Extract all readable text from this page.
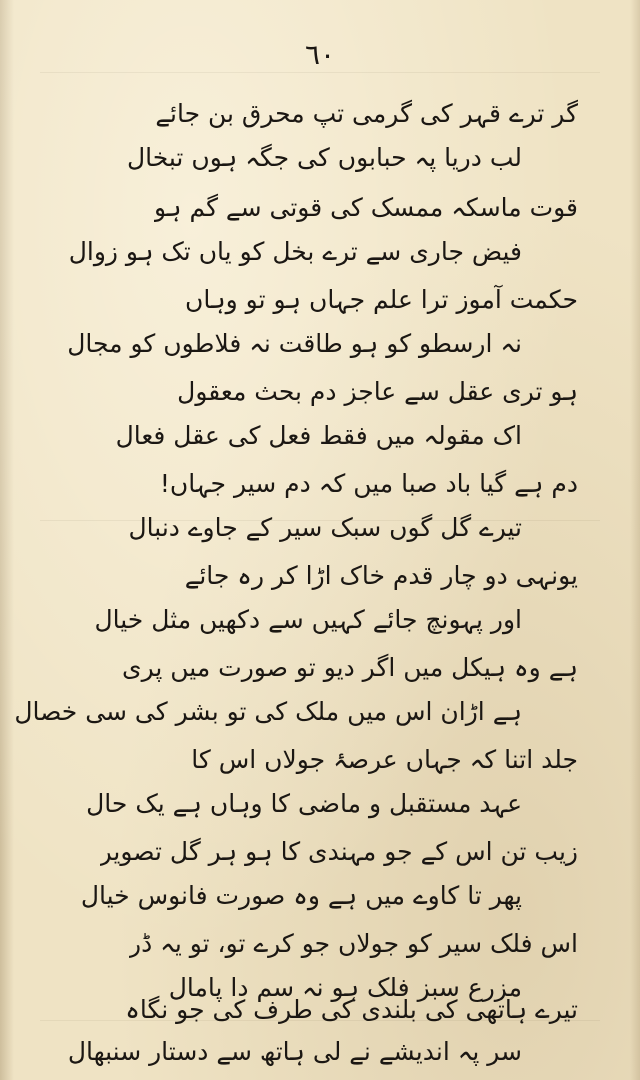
٦٠
گر ترے قہر کی گرمی تپ محرق بن جائے
لب دریا پہ حبابوں کی جگہ ہوں تبخال
قوت ماسکہ ممسک کی قوتی سے گم ہو
فیض جاری سے ترے بخل کو یاں تک ہو زوال
حکمت آموز ترا علم جہاں ہو تو وہاں
نہ ارسطو کو ہو طاقت نہ فلاطوں کو مجال
ہو تری عقل سے عاجز دم بحث معقول
اک مقولہ میں فقط فعل کی عقل فعال
دم ہے گیا باد صبا میں کہ دم سیر جہاں!
تیرے گل گوں سبک سیر کے جاوے دنبال
یونہی دو چار قدم خاک اڑا کر رہ جائے
اور پہونچ جائے کہیں سے دکھیں مثل خیال
ہے وہ ہیکل میں اگر دیو تو صورت میں پری
ہے اڑان اس میں ملک کی تو بشر کی سی خصال
جلد اتنا کہ جہاں عرصۂ جولاں اس کا
عہد مستقبل و ماضی کا وہاں ہے یک حال
زیب تن اس کے جو مہندی کا ہو ہر گل تصویر
پھر تا کاوے میں ہے وہ صورت فانوس خیال
اس فلک سیر کو جولاں جو کرے تو، تو یہ ڈر
مزرع سبز فلک ہو نہ سم دا پامال
تیرے ہاتھی کی بلندی کی طرف کی جو نگاہ
سر پہ اندیشے نے لی ہاتھ سے دستار سنبھال
